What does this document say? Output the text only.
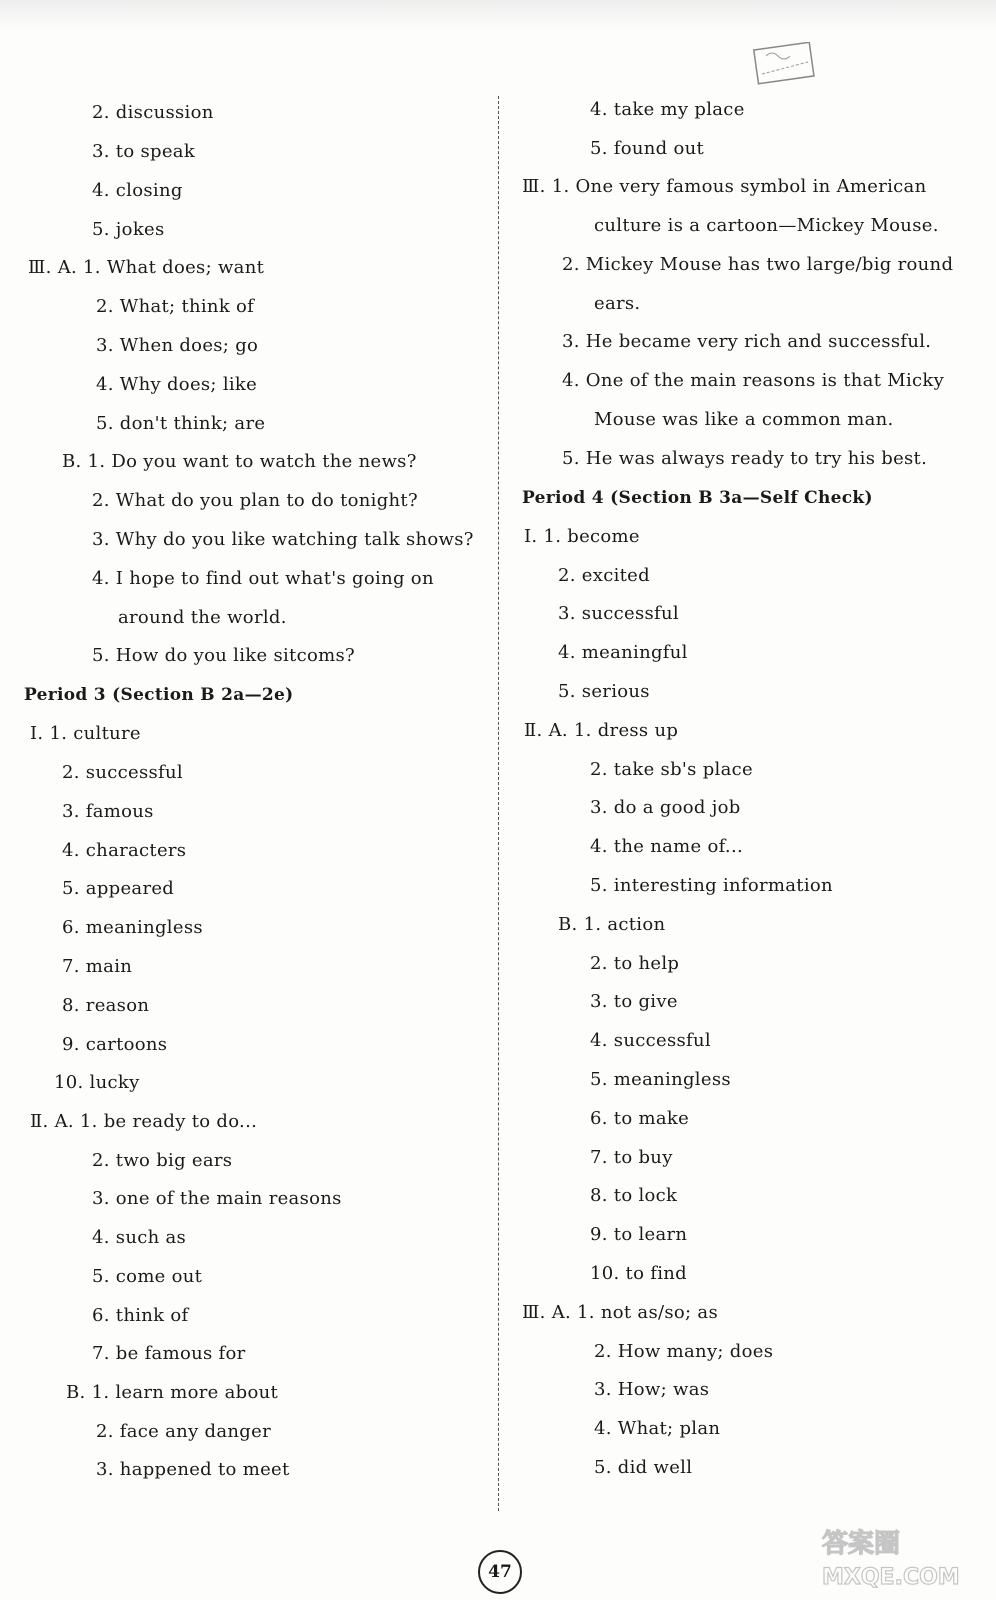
2. discussion
3. to speak
4. closing
5. jokes
Ⅲ. A. 1. What does; want
2. What; think of
3. When does; go
4. Why does; like
5. don't think; are
B. 1. Do you want to watch the news?
2. What do you plan to do tonight?
3. Why do you like watching talk shows?
4. I hope to find out what's going on
around the world.
5. How do you like sitcoms?
Period 3 (Section B 2a—2e)
Ⅰ. 1. culture
2. successful
3. famous
4. characters
5. appeared
6. meaningless
7. main
8. reason
9. cartoons
10. lucky
Ⅱ. A. 1. be ready to do...
2. two big ears
3. one of the main reasons
4. such as
5. come out
6. think of
7. be famous for
B. 1. learn more about
2. face any danger
3. happened to meet
4. take my place
5. found out
Ⅲ. 1. One very famous symbol in American
culture is a cartoon—Mickey Mouse.
2. Mickey Mouse has two large/big round
ears.
3. He became very rich and successful.
4. One of the main reasons is that Micky
Mouse was like a common man.
5. He was always ready to try his best.
Period 4 (Section B 3a—Self Check)
Ⅰ. 1. become
2. excited
3. successful
4. meaningful
5. serious
Ⅱ. A. 1. dress up
2. take sb's place
3. do a good job
4. the name of...
5. interesting information
B. 1. action
2. to help
3. to give
4. successful
5. meaningless
6. to make
7. to buy
8. to lock
9. to learn
10. to find
Ⅲ. A. 1. not as/so; as
2. How many; does
3. How; was
4. What; plan
5. did well
47
答案圈
MXQE.COM
